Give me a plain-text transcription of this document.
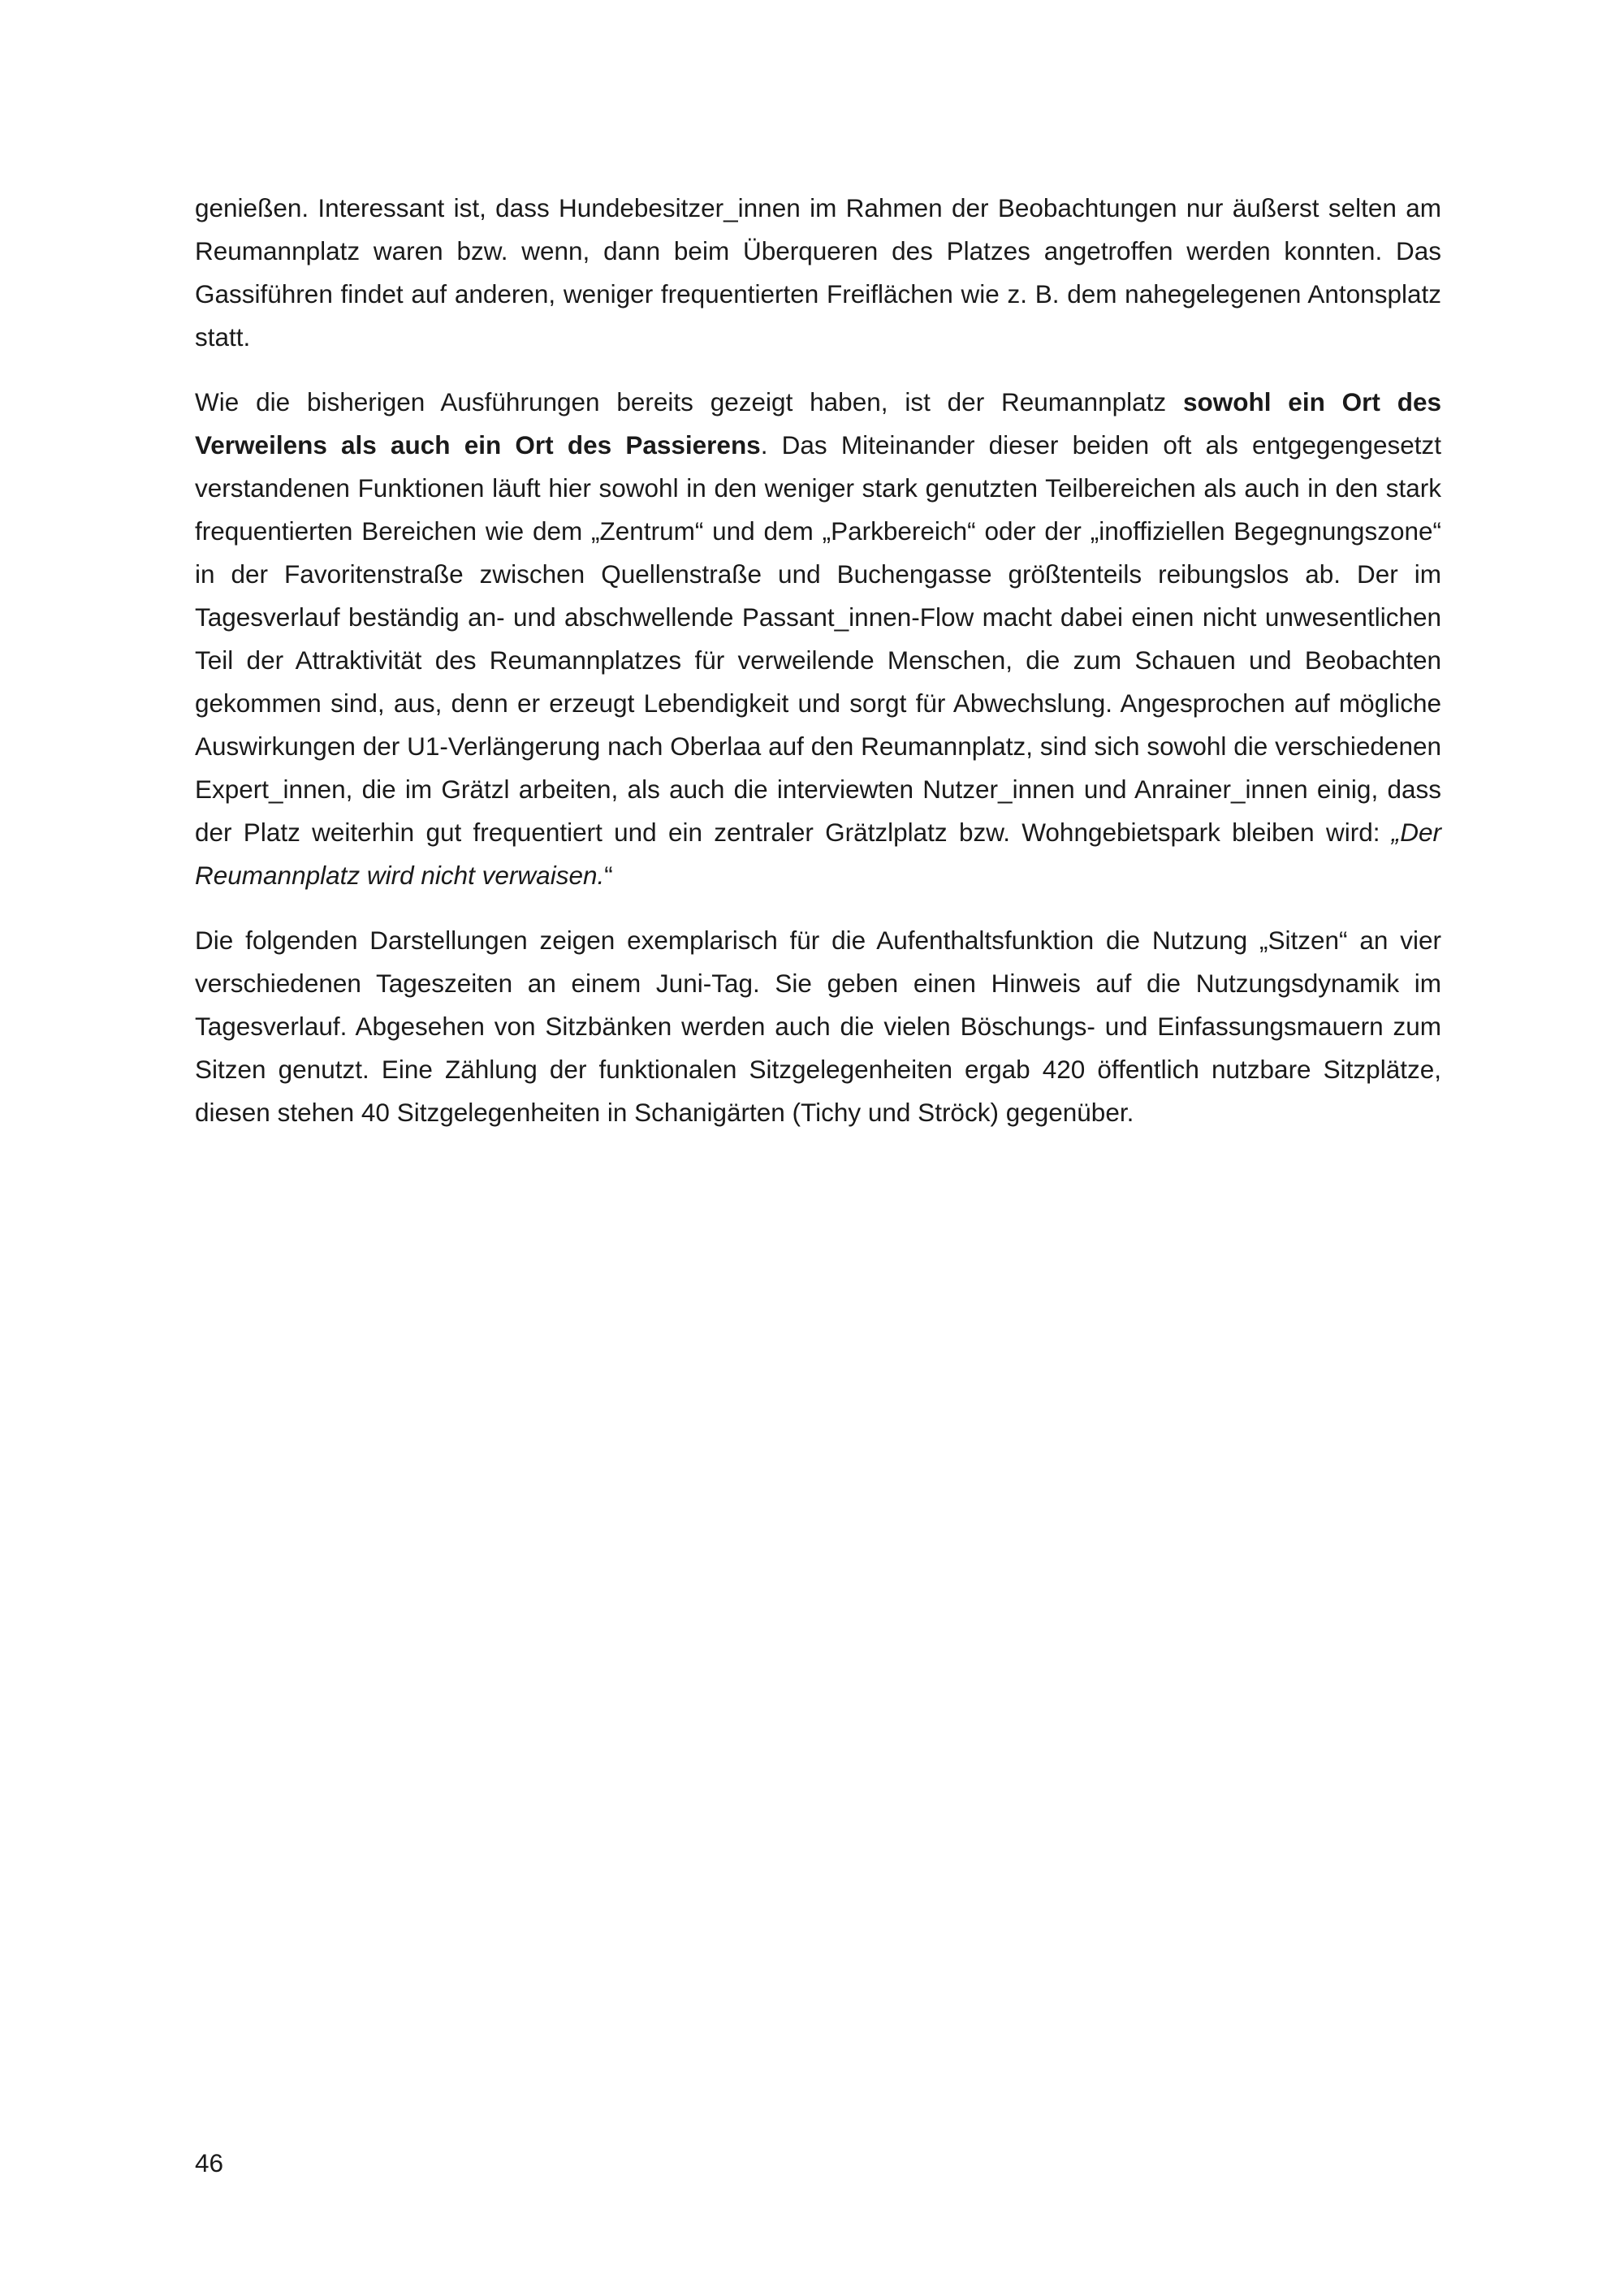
genießen. Interessant ist, dass Hundebesitzer_innen im Rahmen der Beobachtungen nur äußerst selten am Reumannplatz waren bzw. wenn, dann beim Überqueren des Platzes angetroffen werden konnten. Das Gassiführen findet auf anderen, weniger frequentierten Freiflächen wie z. B. dem nahegelegenen Antonsplatz statt.

Wie die bisherigen Ausführungen bereits gezeigt haben, ist der Reumannplatz sowohl ein Ort des Verweilens als auch ein Ort des Passierens. Das Miteinander dieser beiden oft als entgegengesetzt verstandenen Funktionen läuft hier sowohl in den weniger stark genutzten Teilbereichen als auch in den stark frequentierten Bereichen wie dem „Zentrum“ und dem „Parkbereich“ oder der „inoffiziellen Begegnungszone“ in der Favoritenstraße zwischen Quellenstraße und Buchengasse größtenteils reibungslos ab. Der im Tagesverlauf beständig an- und abschwellende Passant_innen-Flow macht dabei einen nicht unwesentlichen Teil der Attraktivität des Reumannplatzes für verweilende Menschen, die zum Schauen und Beobachten gekommen sind, aus, denn er erzeugt Lebendigkeit und sorgt für Abwechslung. Angesprochen auf mögliche Auswirkungen der U1-Verlängerung nach Oberlaa auf den Reumannplatz, sind sich sowohl die verschiedenen Expert_innen, die im Grätzl arbeiten, als auch die interviewten Nutzer_innen und Anrainer_innen einig, dass der Platz weiterhin gut frequentiert und ein zentraler Grätzlplatz bzw. Wohngebietspark bleiben wird: „Der Reumannplatz wird nicht verwaisen.“

Die folgenden Darstellungen zeigen exemplarisch für die Aufenthaltsfunktion die Nutzung „Sitzen“ an vier verschiedenen Tageszeiten an einem Juni-Tag. Sie geben einen Hinweis auf die Nutzungsdynamik im Tagesverlauf. Abgesehen von Sitzbänken werden auch die vielen Böschungs- und Einfassungsmauern zum Sitzen genutzt. Eine Zählung der funktionalen Sitzgelegenheiten ergab 420 öffentlich nutzbare Sitzplätze, diesen stehen 40 Sitzgelegenheiten in Schanigärten (Tichy und Ströck) gegenüber.

46
